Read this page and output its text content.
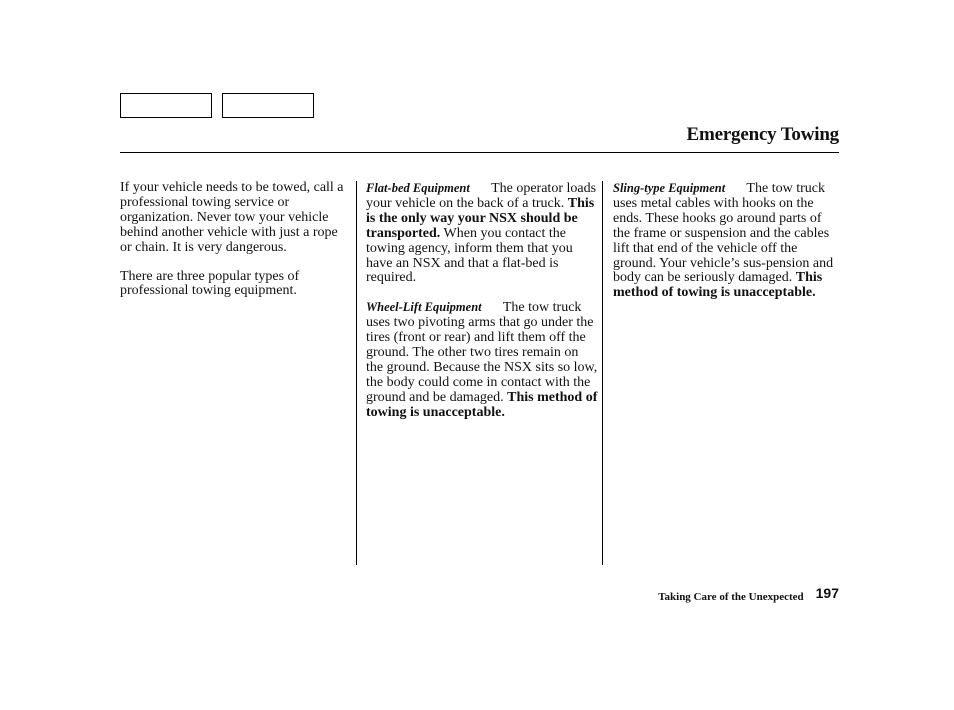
Emergency Towing

If your vehicle needs to be towed, call a professional towing service or organization. Never tow your vehicle behind another vehicle with just a rope or chain. It is very dangerous.

There are three popular types of professional towing equipment.

Flat-bed Equipment The operator loads your vehicle on the back of a truck. This is the only way your NSX should be transported. When you contact the towing agency, inform them that you have an NSX and that a flat-bed is required.

Wheel-Lift Equipment The tow truck uses two pivoting arms that go under the tires (front or rear) and lift them off the ground. The other two tires remain on the ground. Because the NSX sits so low, the body could come in contact with the ground and be damaged. This method of towing is unacceptable.

Sling-type Equipment The tow truck uses metal cables with hooks on the ends. These hooks go around parts of the frame or suspension and the cables lift that end of the vehicle off the ground. Your vehicle’s sus-pension and body can be seriously damaged. This method of towing is unacceptable.

Taking Care of the Unexpected 197
